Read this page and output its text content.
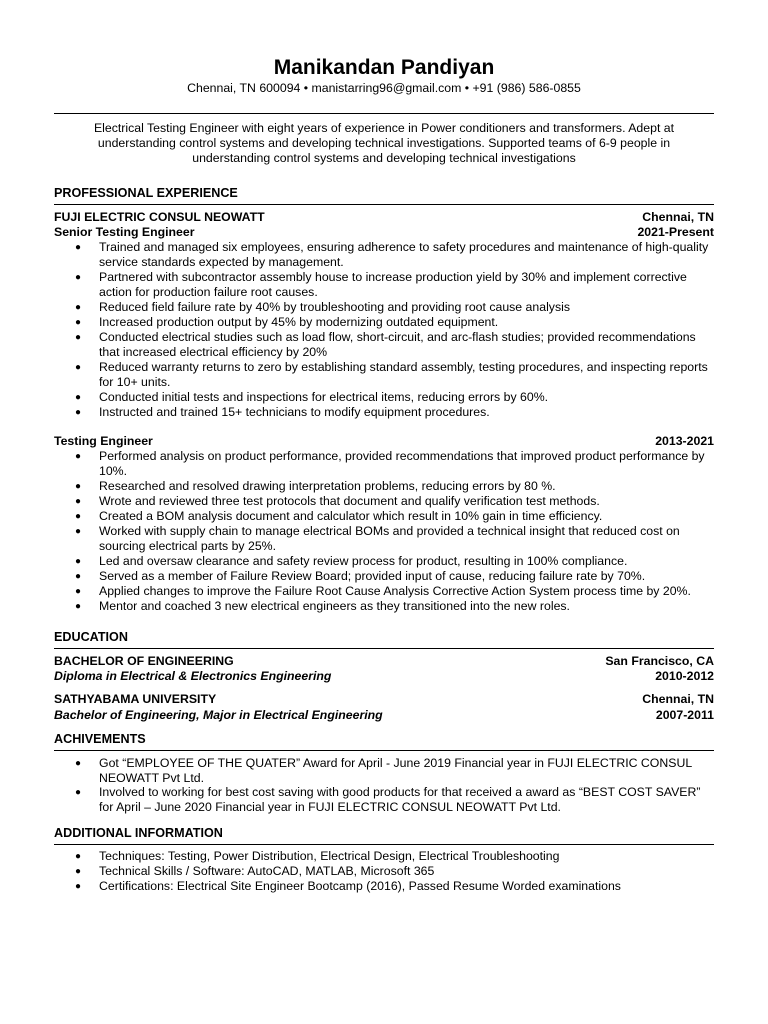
Manikandan Pandiyan
Chennai, TN 600094 • manistarring96@gmail.com • +91 (986) 586-0855
Electrical Testing Engineer with eight years of experience in Power conditioners and transformers. Adept at understanding control systems and developing technical investigations. Supported teams of 6-9 people in understanding control systems and developing technical investigations
PROFESSIONAL EXPERIENCE
FUJI ELECTRIC CONSUL NEOWATT	Chennai, TN
Senior Testing Engineer	2021-Present
● Trained and managed six employees, ensuring adherence to safety procedures and maintenance of high-quality service standards expected by management.
● Partnered with subcontractor assembly house to increase production yield by 30% and implement corrective action for production failure root causes.
● Reduced field failure rate by 40% by troubleshooting and providing root cause analysis
● Increased production output by 45% by modernizing outdated equipment.
● Conducted electrical studies such as load flow, short-circuit, and arc-flash studies; provided recommendations that increased electrical efficiency by 20%
● Reduced warranty returns to zero by establishing standard assembly, testing procedures, and inspecting reports for 10+ units.
● Conducted initial tests and inspections for electrical items, reducing errors by 60%.
● Instructed and trained 15+ technicians to modify equipment procedures.
Testing Engineer	2013-2021
● Performed analysis on product performance, provided recommendations that improved product performance by 10%.
● Researched and resolved drawing interpretation problems, reducing errors by 80 %.
● Wrote and reviewed three test protocols that document and qualify verification test methods.
● Created a BOM analysis document and calculator which result in 10% gain in time efficiency.
● Worked with supply chain to manage electrical BOMs and provided a technical insight that reduced cost on sourcing electrical parts by 25%.
● Led and oversaw clearance and safety review process for product, resulting in 100% compliance.
● Served as a member of Failure Review Board; provided input of cause, reducing failure rate by 70%.
● Applied changes to improve the Failure Root Cause Analysis Corrective Action System process time by 20%.
● Mentor and coached 3 new electrical engineers as they transitioned into the new roles.
EDUCATION
BACHELOR OF ENGINEERING	San Francisco, CA
Diploma in Electrical & Electronics Engineering	2010-2012
SATHYABAMA UNIVERSITY	Chennai, TN
Bachelor of Engineering, Major in Electrical Engineering	2007-2011
ACHIVEMENTS
● Got “EMPLOYEE OF THE QUATER” Award for April - June 2019 Financial year in FUJI ELECTRIC CONSUL NEOWATT Pvt Ltd.
● Involved to working for best cost saving with good products for that received a award as “BEST COST SAVER” for April – June 2020 Financial year in FUJI ELECTRIC CONSUL NEOWATT Pvt Ltd.
ADDITIONAL INFORMATION
● Techniques: Testing, Power Distribution, Electrical Design, Electrical Troubleshooting
● Technical Skills / Software: AutoCAD, MATLAB, Microsoft 365
● Certifications: Electrical Site Engineer Bootcamp (2016), Passed Resume Worded examinations
